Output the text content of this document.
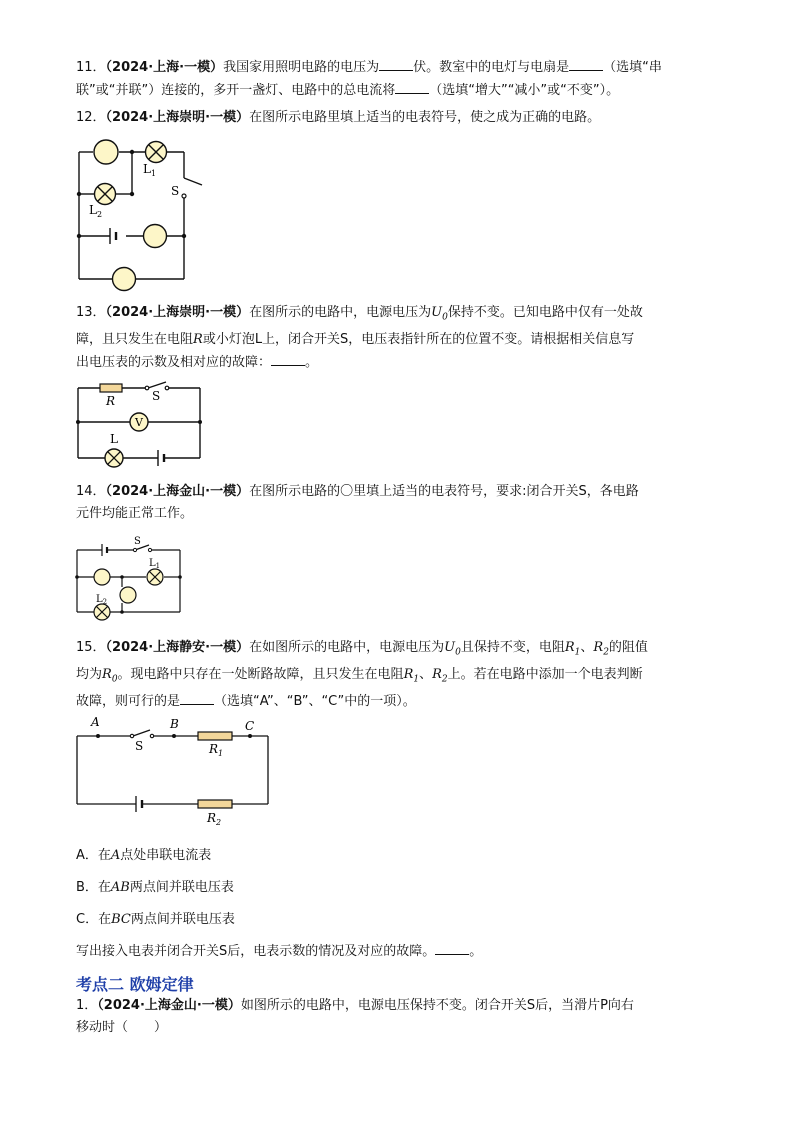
11．（2024·上海·一模）我国家用照明电路的电压为	伏。教室中的电灯与电扇是	（选填“串

联”或“并联”）连接的，多开一盏灯、电路中的总电流将	（选填“增大”“减小”或“不变”）。

12．（2024·上海崇明·一模）在图所示电路里填上适当的电表符号，使之成为正确的电路。

$L_1$
S
$L_2$

13．（2024·上海崇明·一模）在图所示的电路中，电源电压为$U_0$保持不变。已知电路中仅有一处故

障，且只发生在电阻R或小灯泡L上，闭合开关S，电压表指针所在的位置不变。请根据相关信息写

出电压表的示数及相对应的故障：	。

V
R	S
L

14．（2024·上海金山·一模）在图所示电路的〇里填上适当的电表符号，要求:闭合开关S，各电路

元件均能正常工作。

S
$L_1$
$L_2$

15．（2024·上海静安·一模）在如图所示的电路中，电源电压为$U_0$且保持不变，电阻$R_1$、$R_2$的阻值

均为$R_0$。现电路中只存在一处断路故障，且只发生在电阻$R_1$、$R_2$上。若在电路中添加一个电表判断

故障，则可行的是	（选填“A”、“B”、“C”中的一项）。

A	B	C
S	$R_1$
$R_2$
A．在A点处串联电流表
B．在AB两点间并联电压表
C．在BC两点间并联电压表
写出接入电表并闭合开关S后，电表示数的情况及对应的故障。	。
考点二 欧姆定律

1．（2024·上海金山·一模）如图所示的电路中，电源电压保持不变。闭合开关S后，当滑片P向右

移动时（ ）
